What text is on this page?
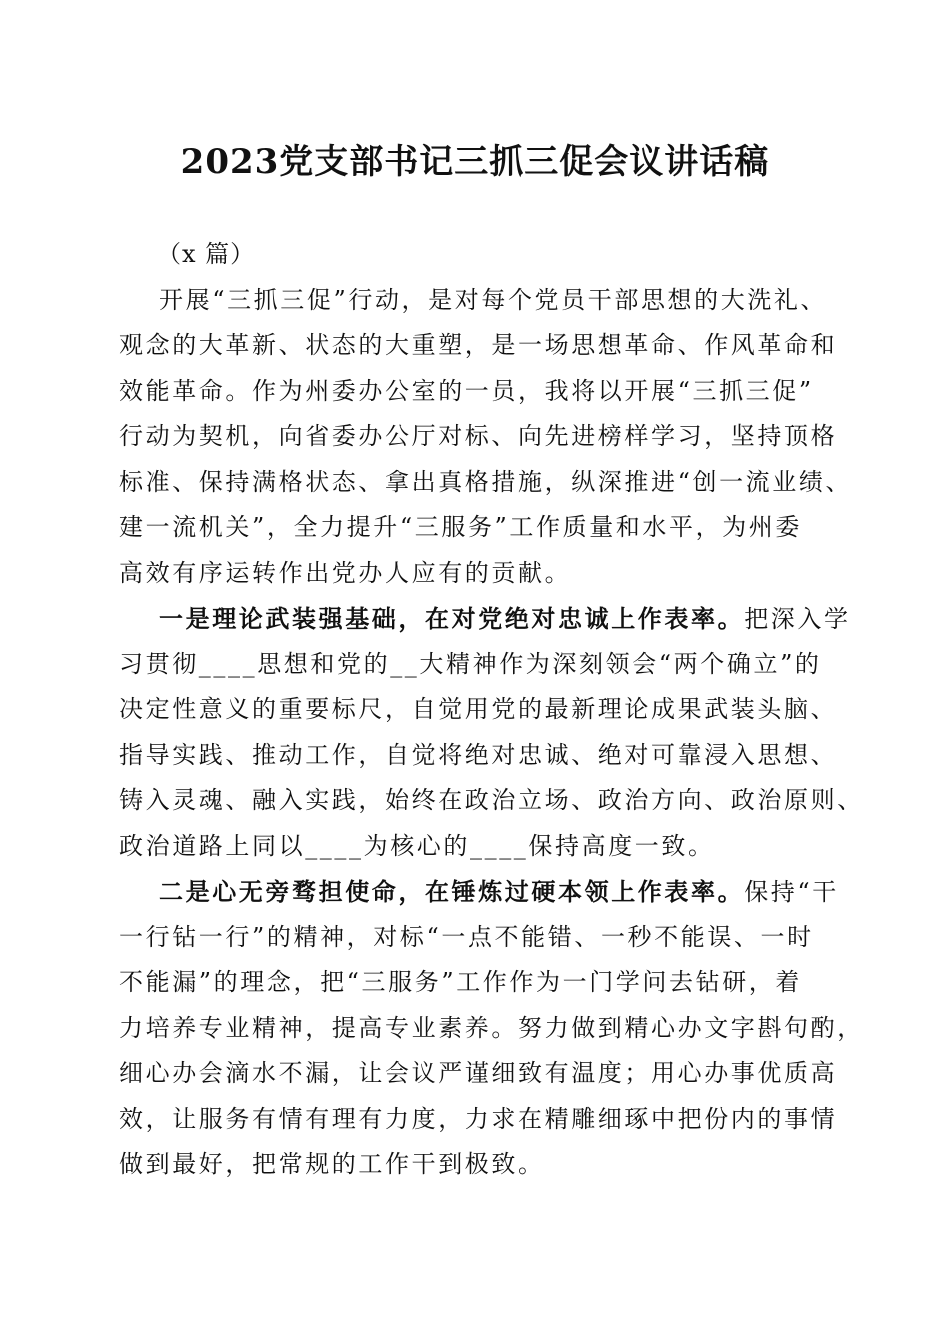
2023党支部书记三抓三促会议讲话稿
（x 篇）
开展“三抓三促”行动，是对每个党员干部思想的大洗礼、
观念的大革新、状态的大重塑，是一场思想革命、作风革命和
效能革命。作为州委办公室的一员，我将以开展“三抓三促”
行动为契机，向省委办公厅对标、向先进榜样学习，坚持顶格
标准、保持满格状态、拿出真格措施，纵深推进“创一流业绩、
建一流机关”，全力提升“三服务”工作质量和水平，为州委
高效有序运转作出党办人应有的贡献。
一是理论武装强基础，在对党绝对忠诚上作表率。把深入学
习贯彻____思想和党的__大精神作为深刻领会“两个确立”的
决定性意义的重要标尺，自觉用党的最新理论成果武装头脑、
指导实践、推动工作，自觉将绝对忠诚、绝对可靠浸入思想、
铸入灵魂、融入实践，始终在政治立场、政治方向、政治原则、
政治道路上同以____为核心的____保持高度一致。
二是心无旁骛担使命，在锤炼过硬本领上作表率。保持“干
一行钻一行”的精神，对标“一点不能错、一秒不能误、一时
不能漏”的理念，把“三服务”工作作为一门学问去钻研，着
力培养专业精神，提高专业素养。努力做到精心办文字斟句酌，
细心办会滴水不漏，让会议严谨细致有温度；用心办事优质高
效，让服务有情有理有力度，力求在精雕细琢中把份内的事情
做到最好，把常规的工作干到极致。
